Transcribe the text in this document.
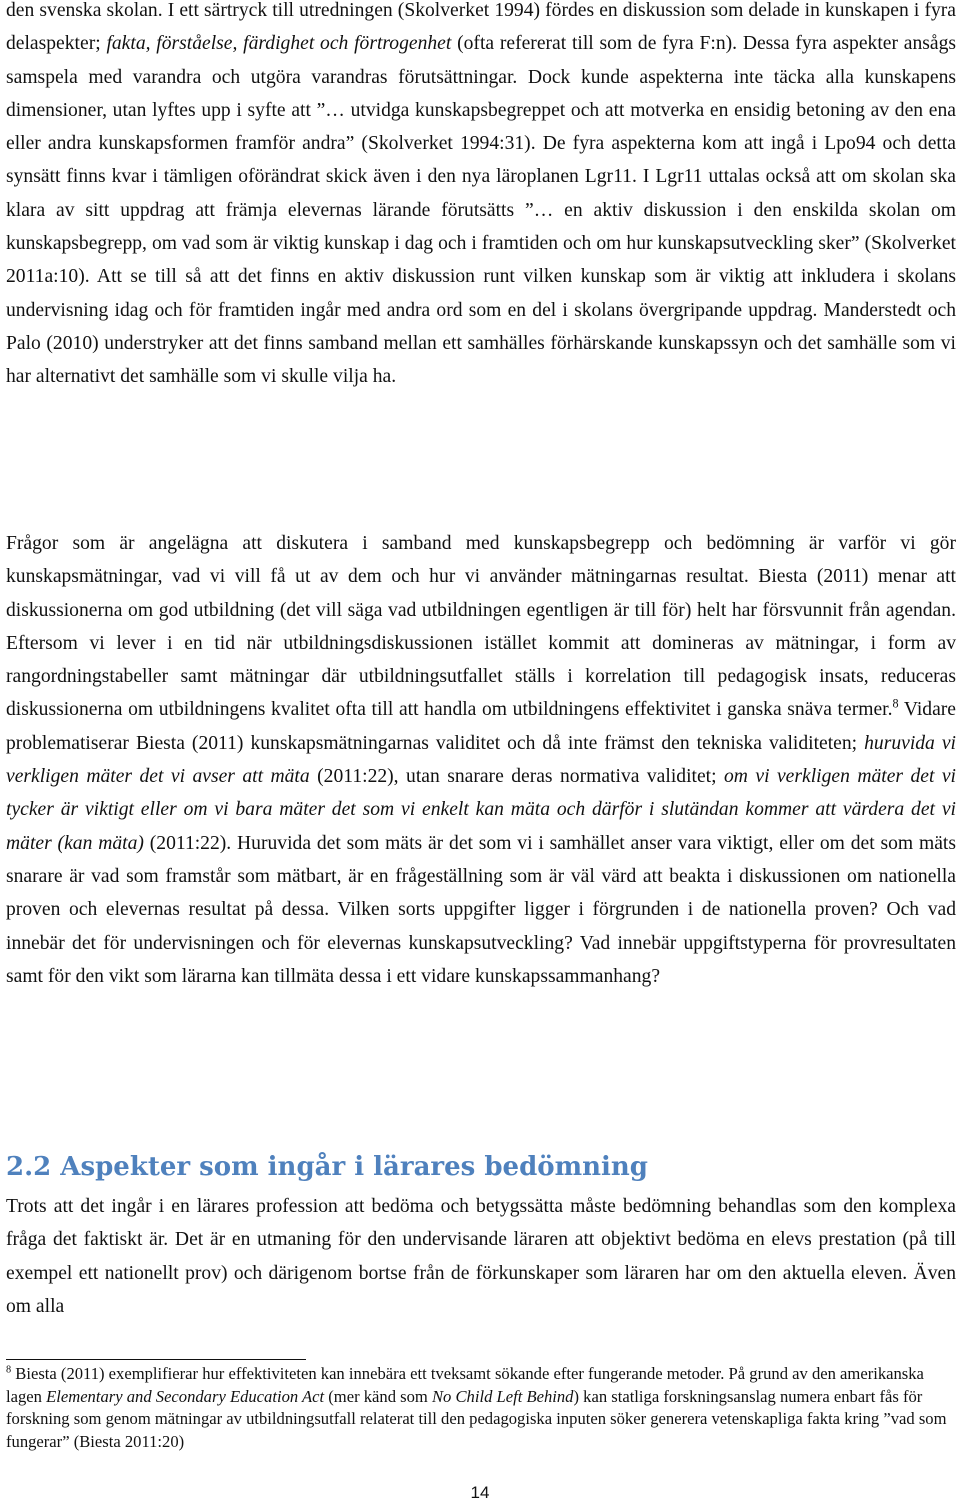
den svenska skolan. I ett särtryck till utredningen (Skolverket 1994) fördes en diskussion som delade in kunskapen i fyra delaspekter; fakta, förståelse, färdighet och förtrogenhet (ofta refererat till som de fyra F:n). Dessa fyra aspekter ansågs samspela med varandra och utgöra varandras förutsättningar. Dock kunde aspekterna inte täcka alla kunskapens dimensioner, utan lyftes upp i syfte att ”… utvidga kunskapsbegreppet och att motverka en ensidig betoning av den ena eller andra kunskapsformen framför andra” (Skolverket 1994:31). De fyra aspekterna kom att ingå i Lpo94 och detta synsätt finns kvar i tämligen oförändrat skick även i den nya läroplanen Lgr11. I Lgr11 uttalas också att om skolan ska klara av sitt uppdrag att främja elevernas lärande förutsätts ”… en aktiv diskussion i den enskilda skolan om kunskapsbegrepp, om vad som är viktig kunskap i dag och i framtiden och om hur kunskapsutveckling sker” (Skolverket 2011a:10). Att se till så att det finns en aktiv diskussion runt vilken kunskap som är viktig att inkludera i skolans undervisning idag och för framtiden ingår med andra ord som en del i skolans övergripande uppdrag. Manderstedt och Palo (2010) understryker att det finns samband mellan ett samhälles förhärskande kunskapssyn och det samhälle som vi har alternativt det samhälle som vi skulle vilja ha.

Frågor som är angelägna att diskutera i samband med kunskapsbegrepp och bedömning är varför vi gör kunskapsmätningar, vad vi vill få ut av dem och hur vi använder mätningarnas resultat. Biesta (2011) menar att diskussionerna om god utbildning (det vill säga vad utbildningen egentligen är till för) helt har försvunnit från agendan. Eftersom vi lever i en tid när utbildningsdiskussionen istället kommit att domineras av mätningar, i form av rangordningstabeller samt mätningar där utbildningsutfallet ställs i korrelation till pedagogisk insats, reduceras diskussionerna om utbildningens kvalitet ofta till att handla om utbildningens effektivitet i ganska snäva termer.$^8$ Vidare problematiserar Biesta (2011) kunskapsmätningarnas validitet och då inte främst den tekniska validiteten; huruvida vi verkligen mäter det vi avser att mäta (2011:22), utan snarare deras normativa validitet; om vi verkligen mäter det vi tycker är viktigt eller om vi bara mäter det som vi enkelt kan mäta och därför i slutändan kommer att värdera det vi mäter (kan mäta) (2011:22). Huruvida det som mäts är det som vi i samhället anser vara viktigt, eller om det som mäts snarare är vad som framstår som mätbart, är en frågeställning som är väl värd att beakta i diskussionen om nationella proven och elevernas resultat på dessa. Vilken sorts uppgifter ligger i förgrunden i de nationella proven? Och vad innebär det för undervisningen och för elevernas kunskapsutveckling? Vad innebär uppgiftstyperna för provresultaten samt för den vikt som lärarna kan tillmäta dessa i ett vidare kunskapssammanhang?

2.2 Aspekter som ingår i lärares bedömning

Trots att det ingår i en lärares profession att bedöma och betygssätta måste bedömning behandlas som den komplexa fråga det faktiskt är. Det är en utmaning för den undervisande läraren att objektivt bedöma en elevs prestation (på till exempel ett nationellt prov) och därigenom bortse från de förkunskaper som läraren har om den aktuella eleven. Även om alla

$^8$ Biesta (2011) exemplifierar hur effektiviteten kan innebära ett tveksamt sökande efter fungerande metoder. På grund av den amerikanska lagen Elementary and Secondary Education Act (mer känd som No Child Left Behind) kan statliga forskningsanslag numera enbart fås för forskning som genom mätningar av utbildningsutfall relaterat till den pedagogiska inputen söker generera vetenskapliga fakta kring ”vad som fungerar” (Biesta 2011:20)

14
